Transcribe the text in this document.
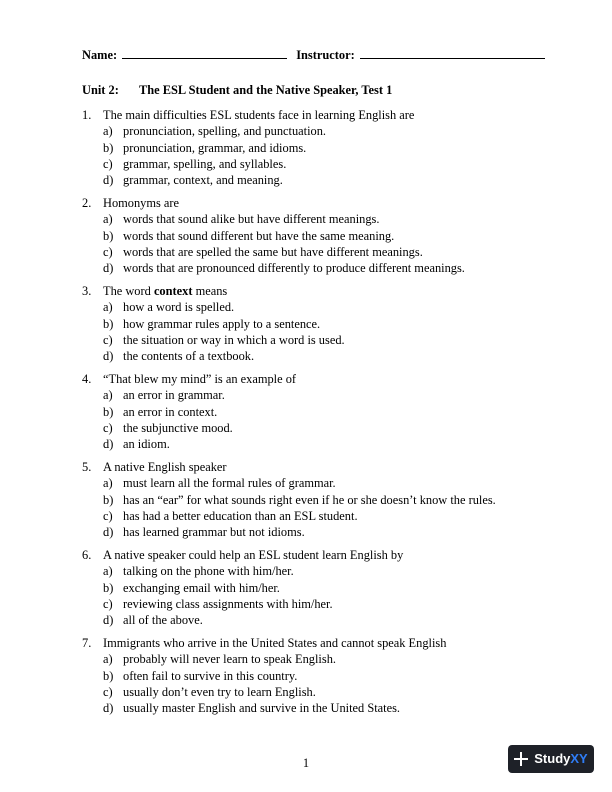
Name:	Instructor:
Unit 2: The ESL Student and the Native Speaker, Test 1
1. The main difficulties ESL students face in learning English are
a) pronunciation, spelling, and punctuation.
b) pronunciation, grammar, and idioms.
c) grammar, spelling, and syllables.
d) grammar, context, and meaning.
2. Homonyms are
a) words that sound alike but have different meanings.
b) words that sound different but have the same meaning.
c) words that are spelled the same but have different meanings.
d) words that are pronounced differently to produce different meanings.
3. The word context means
a) how a word is spelled.
b) how grammar rules apply to a sentence.
c) the situation or way in which a word is used.
d) the contents of a textbook.
4. “That blew my mind” is an example of
a) an error in grammar.
b) an error in context.
c) the subjunctive mood.
d) an idiom.
5. A native English speaker
a) must learn all the formal rules of grammar.
b) has an “ear” for what sounds right even if he or she doesn’t know the rules.
c) has had a better education than an ESL student.
d) has learned grammar but not idioms.
6. A native speaker could help an ESL student learn English by
a) talking on the phone with him/her.
b) exchanging email with him/her.
c) reviewing class assignments with him/her.
d) all of the above.
7. Immigrants who arrive in the United States and cannot speak English
a) probably will never learn to speak English.
b) often fail to survive in this country.
c) usually don’t even try to learn English.
d) usually master English and survive in the United States.
1	Study XY
